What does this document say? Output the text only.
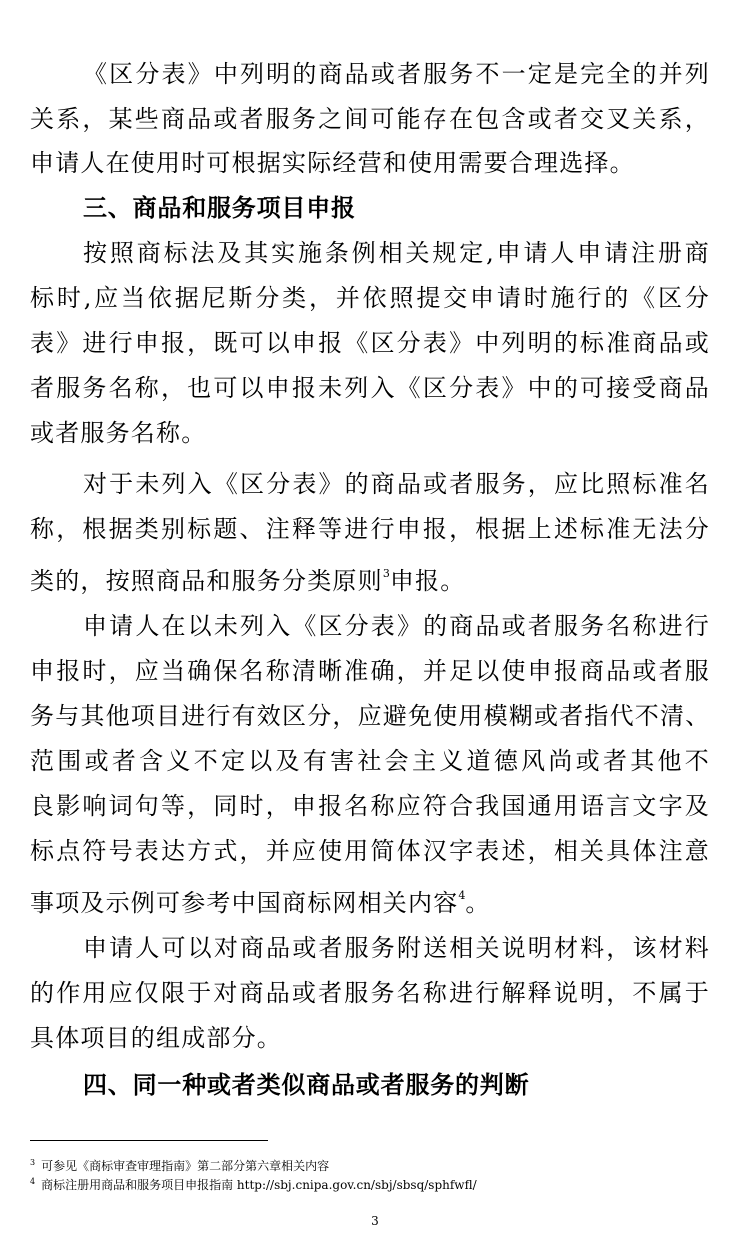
《区分表》中列明的商品或者服务不一定是完全的并列
关系，某些商品或者服务之间可能存在包含或者交叉关系，
申请人在使用时可根据实际经营和使用需要合理选择。
三、商品和服务项目申报
按照商标法及其实施条例相关规定,申请人申请注册商
标时,应当依据尼斯分类，并依照提交申请时施行的《区分
表》进行申报，既可以申报《区分表》中列明的标准商品或
者服务名称，也可以申报未列入《区分表》中的可接受商品
或者服务名称。
对于未列入《区分表》的商品或者服务，应比照标准名
称，根据类别标题、注释等进行申报，根据上述标准无法分
类的，按照商品和服务分类原则$^3$申报。
申请人在以未列入《区分表》的商品或者服务名称进行
申报时，应当确保名称清晰准确，并足以使申报商品或者服
务与其他项目进行有效区分，应避免使用模糊或者指代不清、
范围或者含义不定以及有害社会主义道德风尚或者其他不
良影响词句等，同时，申报名称应符合我国通用语言文字及
标点符号表达方式，并应使用简体汉字表述，相关具体注意
事项及示例可参考中国商标网相关内容$^4$。
申请人可以对商品或者服务附送相关说明材料，该材料
的作用应仅限于对商品或者服务名称进行解释说明，不属于
具体项目的组成部分。
四、同一种或者类似商品或者服务的判断
$^3$ 可参见《商标审查审理指南》第二部分第六章相关内容
$^4$ 商标注册用商品和服务项目申报指南 http://sbj.cnipa.gov.cn/sbj/sbsq/sphfwfl/
3
